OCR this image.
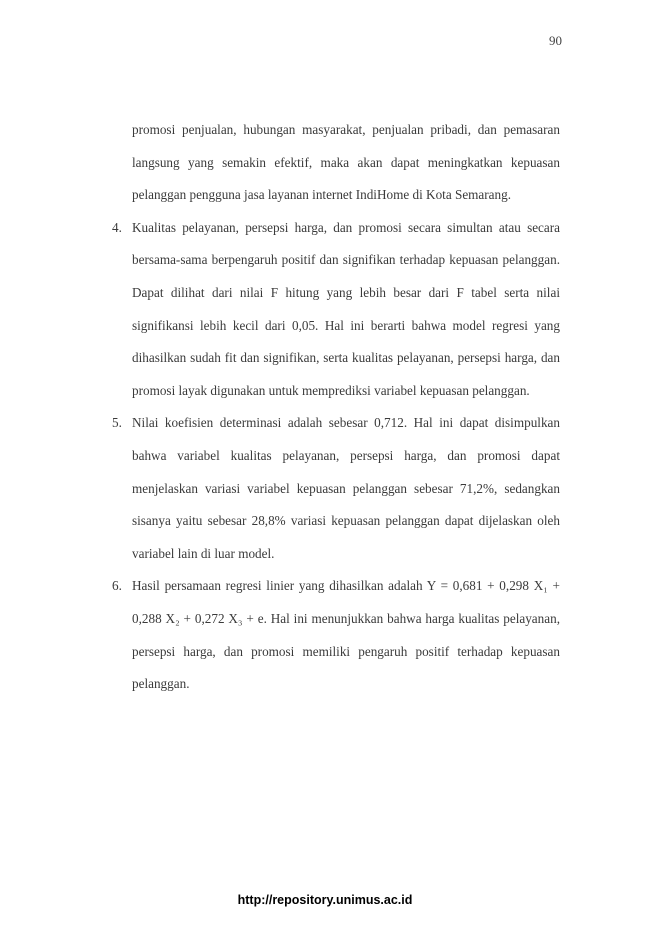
90

promosi penjualan, hubungan masyarakat, penjualan pribadi, dan pemasaran langsung yang semakin efektif, maka akan dapat meningkatkan kepuasan pelanggan pengguna jasa layanan internet IndiHome di Kota Semarang.

4. Kualitas pelayanan, persepsi harga, dan promosi secara simultan atau secara bersama-sama berpengaruh positif dan signifikan terhadap kepuasan pelanggan. Dapat dilihat dari nilai F hitung yang lebih besar dari F tabel serta nilai signifikansi lebih kecil dari 0,05. Hal ini berarti bahwa model regresi yang dihasilkan sudah fit dan signifikan, serta kualitas pelayanan, persepsi harga, dan promosi layak digunakan untuk memprediksi variabel kepuasan pelanggan.
5. Nilai koefisien determinasi adalah sebesar 0,712. Hal ini dapat disimpulkan bahwa variabel kualitas pelayanan, persepsi harga, dan promosi dapat menjelaskan variasi variabel kepuasan pelanggan sebesar 71,2%, sedangkan sisanya yaitu sebesar 28,8% variasi kepuasan pelanggan dapat dijelaskan oleh variabel lain di luar model.
6. Hasil persamaan regresi linier yang dihasilkan adalah Y = 0,681 + 0,298 X₁ + 0,288 X₂ + 0,272 X₃ + e. Hal ini menunjukkan bahwa harga kualitas pelayanan, persepsi harga, dan promosi memiliki pengaruh positif terhadap kepuasan pelanggan.
http://repository.unimus.ac.id
